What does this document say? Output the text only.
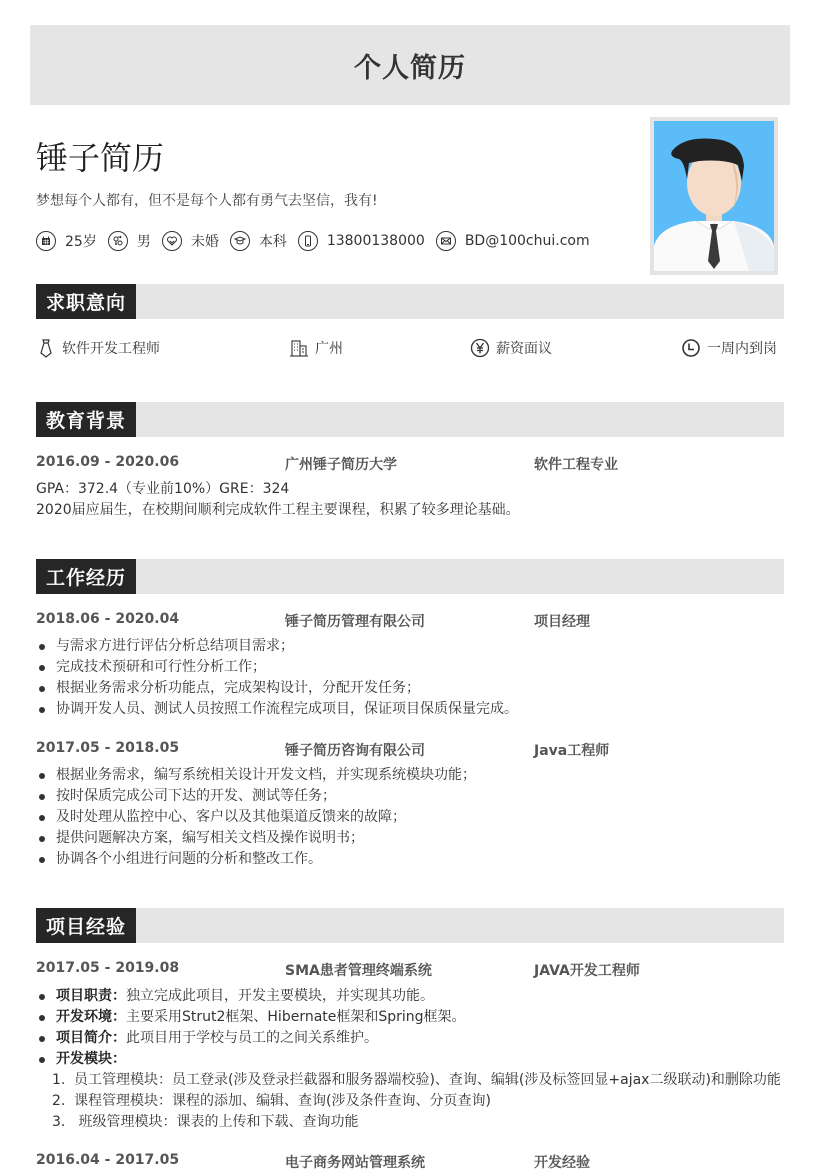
个人简历
锤子简历
梦想每个人都有，但不是每个人都有勇气去坚信，我有!
25岁	男	未婚	本科	13800138000	BD@100chui.com
求职意向
软件开发工程师	广州	薪资面议	一周内到岗
教育背景
2016.09 - 2020.06	广州锤子简历大学	软件工程专业
GPA：372.4（专业前10%）GRE：324
2020届应届生，在校期间顺利完成软件工程主要课程，积累了较多理论基础。
工作经历
2018.06 - 2020.04	锤子简历管理有限公司	项目经理
与需求方进行评估分析总结项目需求；
完成技术预研和可行性分析工作；
根据业务需求分析功能点，完成架构设计，分配开发任务；
协调开发人员、测试人员按照工作流程完成项目，保证项目保质保量完成。
2017.05 - 2018.05	锤子简历咨询有限公司	Java工程师
根据业务需求，编写系统相关设计开发文档，并实现系统模块功能；
按时保质完成公司下达的开发、测试等任务；
及时处理从监控中心、客户以及其他渠道反馈来的故障；
提供问题解决方案，编写相关文档及操作说明书；
协调各个小组进行问题的分析和整改工作。
项目经验
2017.05 - 2019.08	SMA患者管理终端系统	JAVA开发工程师
项目职责：独立完成此项目，开发主要模块，并实现其功能。
开发环境：主要采用Strut2框架、Hibernate框架和Spring框架。
项目简介：此项目用于学校与员工的之间关系维护。
开发模块：
1. 员工管理模块：员工登录(涉及登录拦截器和服务器端校验)、查询、编辑(涉及标签回显+ajax二级联动)和删除功能
2. 课程管理模块：课程的添加、编辑、查询(涉及条件查询、分页查询)
3. 班级管理模块：课表的上传和下载、查询功能
2016.04 - 2017.05	电子商务网站管理系统	开发经验
